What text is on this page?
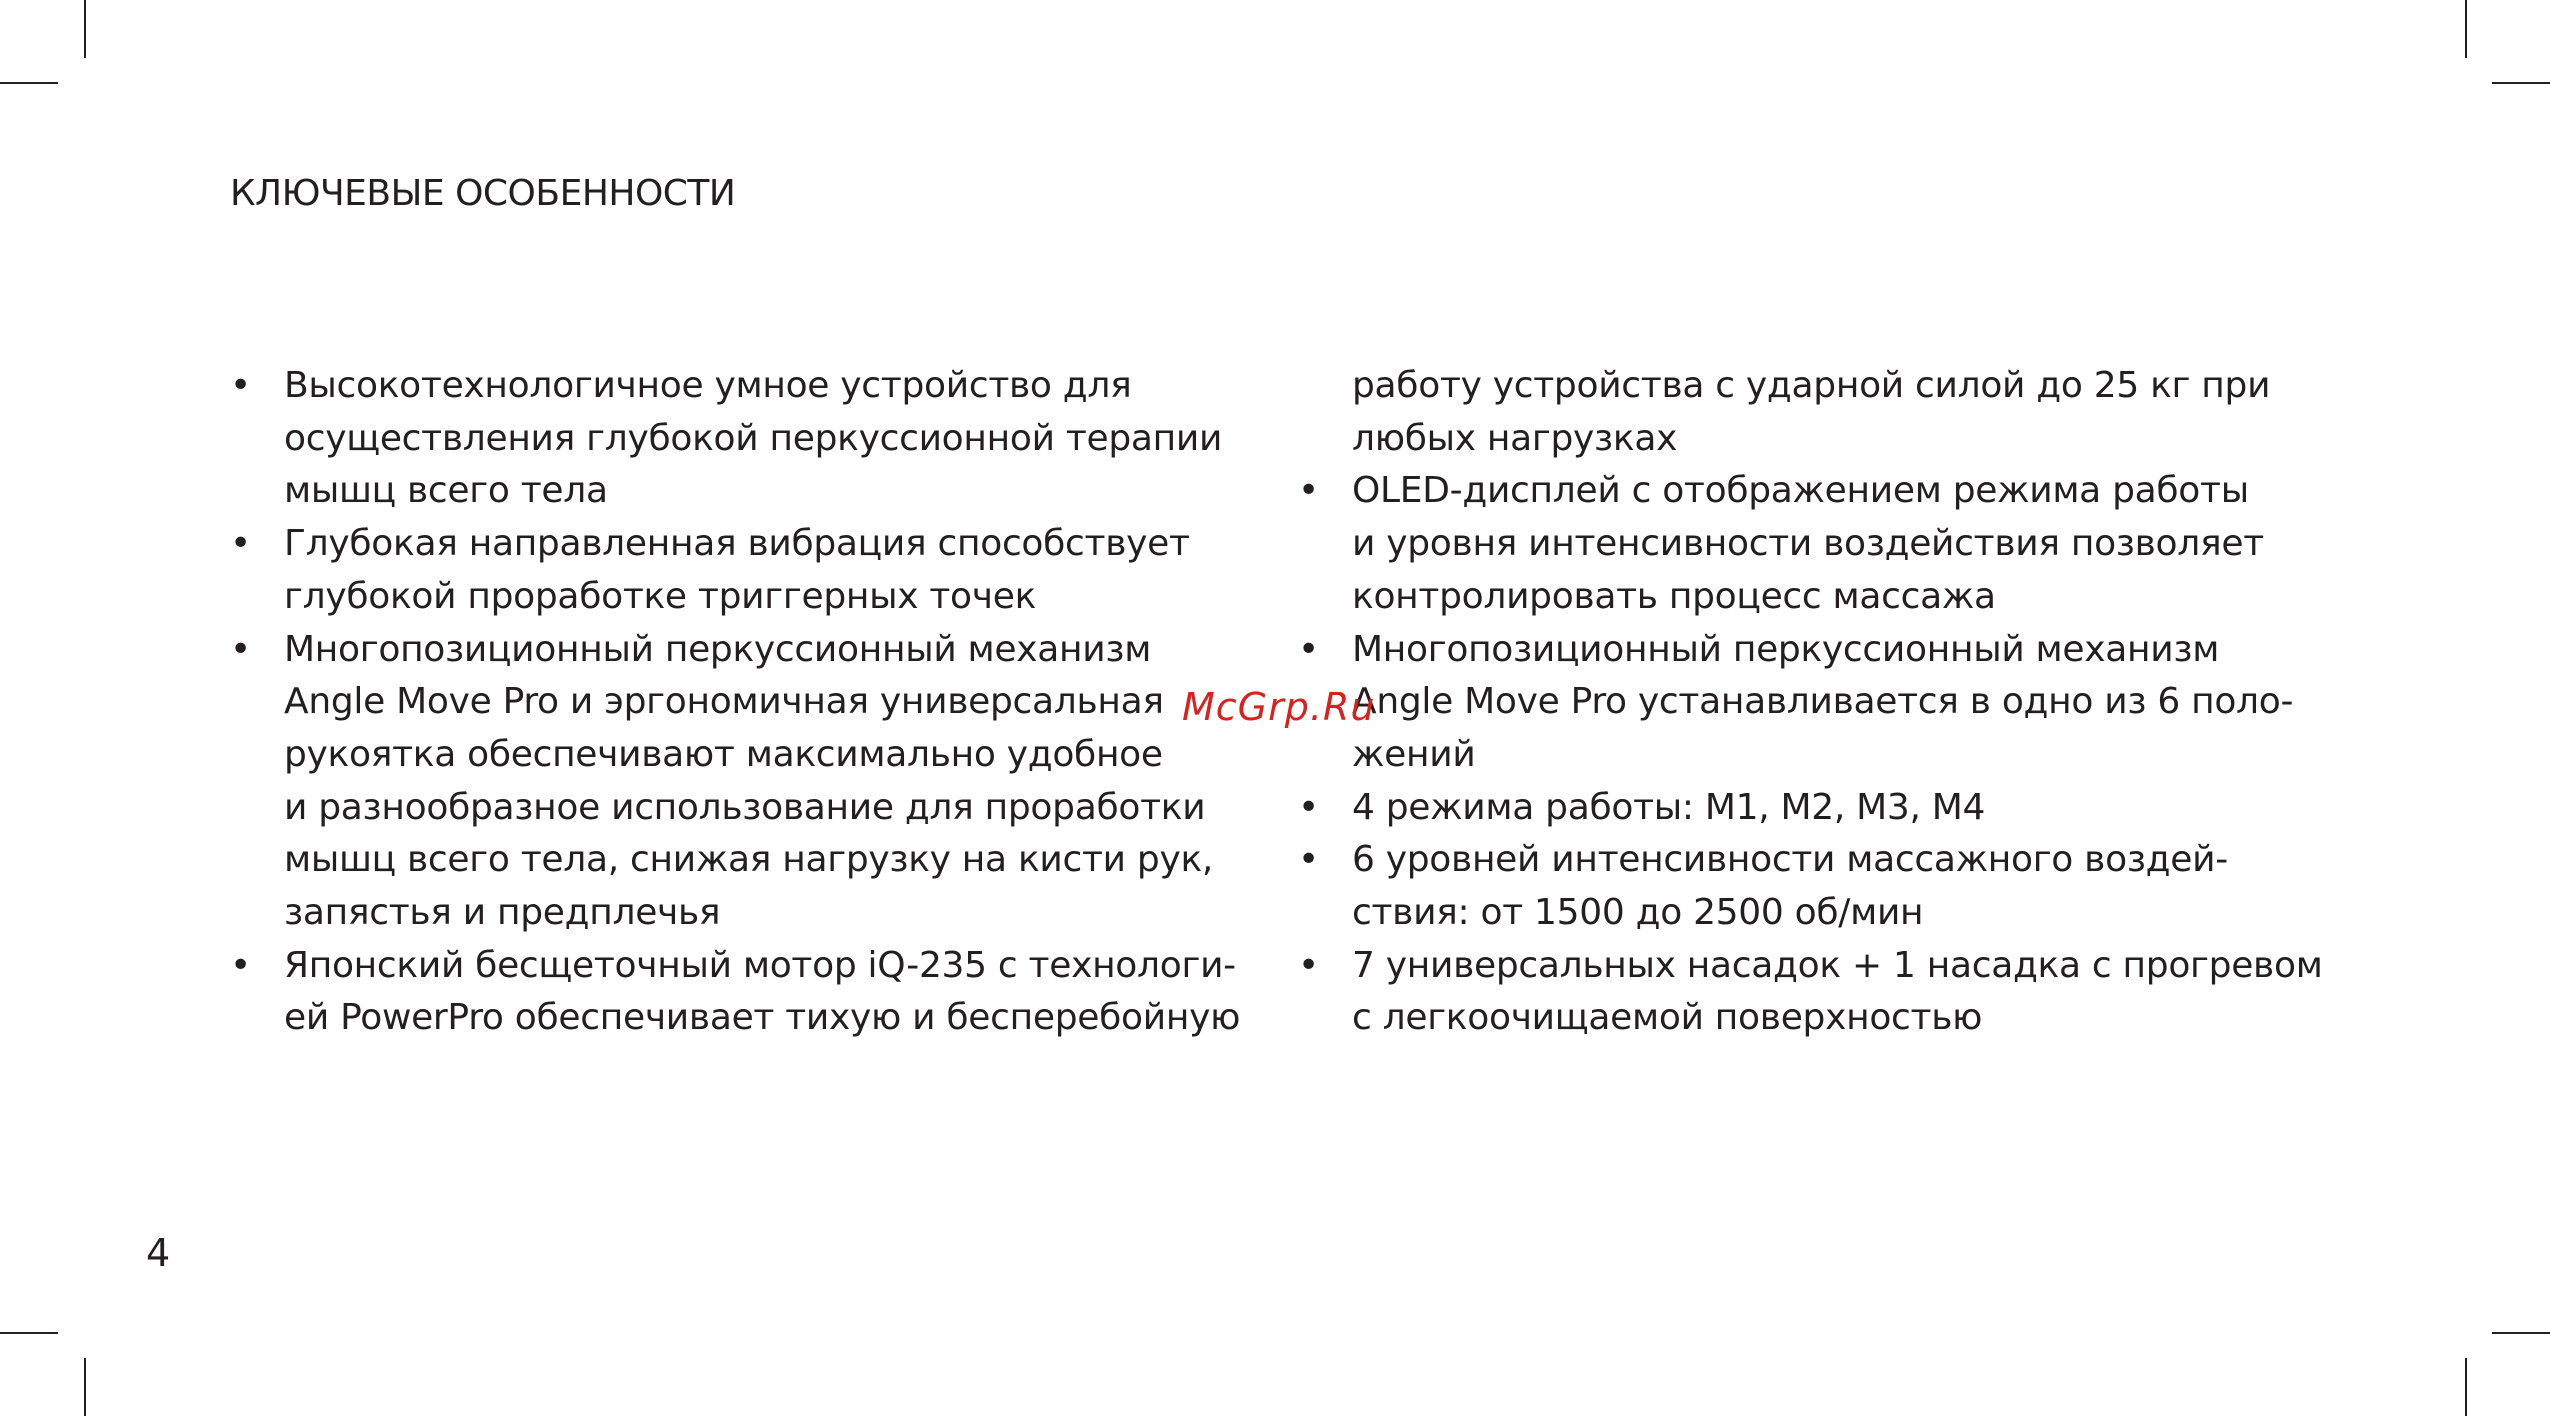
КЛЮЧЕВЫЕ ОСОБЕННОСТИ
• Высокотехнологичное умное устройство для
осуществления глубокой перкуссионной терапии
мышц всего тела
• Глубокая направленная вибрация способствует
глубокой проработке триггерных точек
• Многопозиционный перкуссионный механизм
Angle Move Pro и эргономичная универсальная
рукоятка обеспечивают максимально удобное
и разнообразное использование для проработки
мышц всего тела, снижая нагрузку на кисти рук,
запястья и предплечья
• Японский бесщеточный мотор iQ-235 с технологи-
ей PowerPro обеспечивает тихую и бесперебойную
работу устройства с ударной силой до 25 кг при
любых нагрузках
• OLED-дисплей с отображением режима работы
и уровня интенсивности воздействия позволяет
контролировать процесс массажа
• Многопозиционный перкуссионный механизм
Angle Move Pro устанавливается в одно из 6 поло-
жений
• 4 режима работы: M1, M2, M3, M4
• 6 уровней интенсивности массажного воздей-
ствия: от 1500 до 2500 об/мин
• 7 универсальных насадок + 1 насадка с прогревом
с легкоочищаемой поверхностью
McGrp.Ru
4
